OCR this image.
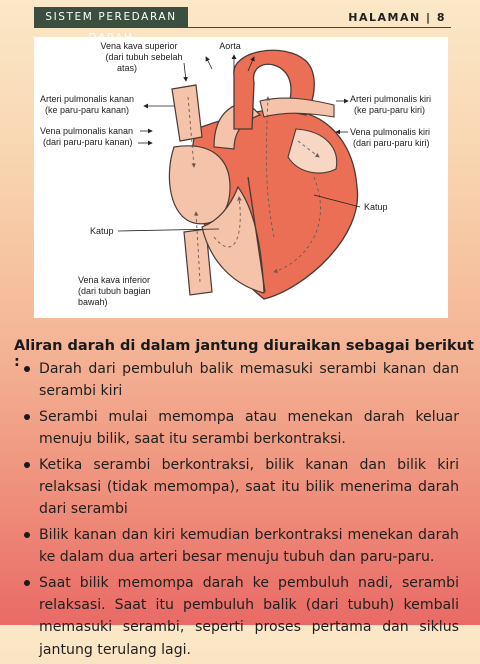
SISTEM PEREDARAN	HALAMAN | 8
Vena kava superior
(dari tubuh sebelah
atas)
Aorta
Arteri pulmonalis kanan
(ke paru-paru kanan)
Vena pulmonalis kanan
(dari paru-paru kanan)
Arteri pulmonalis kiri
(ke paru-paru kiri)
Vena pulmonalis kiri
(dari paru-paru kiri)
Katup
Katup
Vena kava inferior
(dari tubuh bagian
bawah)
Aliran darah di dalam jantung diuraikan sebagai berikut :	Darah dari pembuluh balik memasuki serambi kanan dan serambi kiri
Serambi mulai memompa atau menekan darah keluar menuju bilik, saat itu serambi berkontraksi.
Ketika serambi berkontraksi, bilik kanan dan bilik kiri relaksasi (tidak memompa), saat itu bilik menerima darah dari serambi
Bilik kanan dan kiri kemudian berkontraksi menekan darah ke dalam dua arteri besar menuju tubuh dan paru-paru.
Saat bilik memompa darah ke pembuluh nadi, serambi relaksasi. Saat itu pembuluh balik (dari tubuh) kembali memasuki serambi, seperti proses pertama dan siklus jantung terulang lagi.
